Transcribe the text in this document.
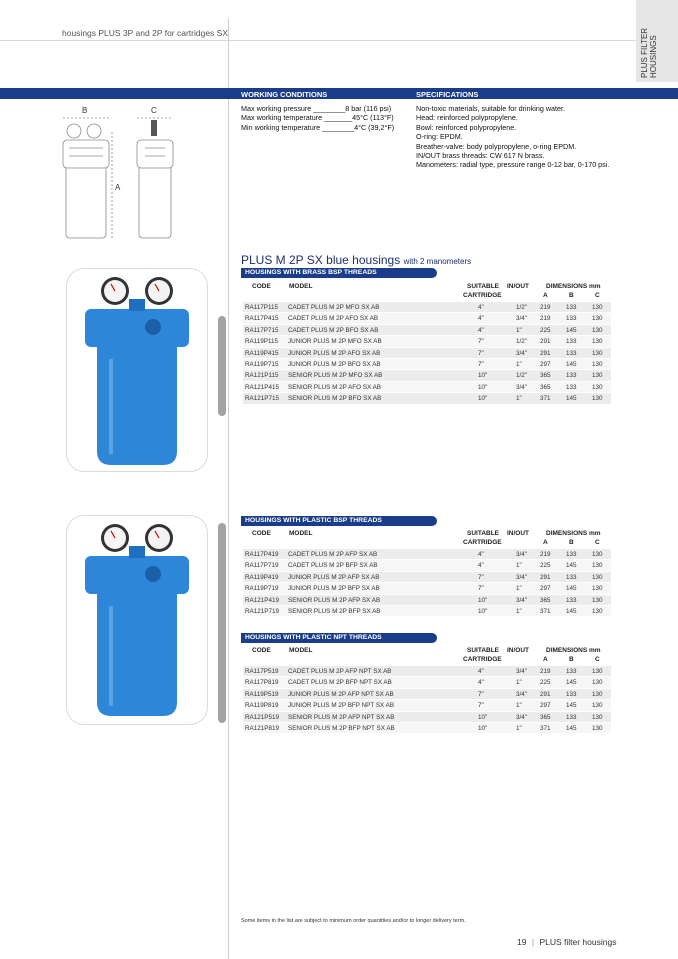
housings PLUS 3P and 2P for cartridges SX	PLUS FILTER HOUSINGS
WORKING CONDITIONS	SPECIFICATIONS
Max working pressure ________8 bar (116 psi)
Max working temperature _______45°C (113°F)
Min working temperature ________4°C (39,2°F)
Non-toxic materials, suitable for drinking water.
Head: reinforced polypropylene.
Bowl: reinforced polypropylene.
O-ring: EPDM.
Breather-valve: body polypropylene, o-ring EPDM.
IN/OUT brass threads: CW 617 N brass.
Manometers: radial type, pressure range 0-12 bar, 0-170 psi.
B	C
A
PLUS M 2P SX blue housings with 2 manometers
HOUSINGS WITH BRASS BSP THREADS
CODE	MODEL	SUITABLE
CARTRIDGE
IN/OUT	DIMENSIONS mm
A	B	C
RA117P115 CADET PLUS M 2P MFO SX AB	4"	1/2" 219 133 130
RA117P415 CADET PLUS M 2P AFO SX AB	4"	3/4" 219 133 130
RA117P715 CADET PLUS M 2P BFO SX AB	4"	1"	225 145 130
RA119P115 JUNIOR PLUS M 2P MFO SX AB	7"	1/2" 291 133 130
RA119P415 JUNIOR PLUS M 2P AFO SX AB	7"	3/4" 291 133 130
RA119P715 JUNIOR PLUS M 2P BFO SX AB	7"	1"	297 145 130
RA121P115 SENIOR PLUS M 2P MFO SX AB	10"	1/2" 365 133 130
RA121P415 SENIOR PLUS M 2P AFO SX AB	10"	3/4" 365 133 130
RA121P715 SENIOR PLUS M 2P BFO SX AB	10"	1"	371 145 130
HOUSINGS WITH PLASTIC BSP THREADS
CODE	MODEL	SUITABLE
CARTRIDGE
IN/OUT	DIMENSIONS mm
A	B	C
RA117P419 CADET PLUS M 2P AFP SX AB	4"	3/4" 219 133 130
RA117P719 CADET PLUS M 2P BFP SX AB	4"	1"	225 145 130
RA119P419 JUNIOR PLUS M 2P AFP SX AB	7"	3/4" 291 133 130
RA119P719 JUNIOR PLUS M 2P BFP SX AB	7"	1"	297 145 130
RA121P419 SENIOR PLUS M 2P AFP SX AB	10"	3/4" 365 133 130
RA121P719 SENIOR PLUS M 2P BFP SX AB	10"	1"	371 145 130
HOUSINGS WITH PLASTIC NPT THREADS
CODE	MODEL	SUITABLE
CARTRIDGE
IN/OUT	DIMENSIONS mm
A	B	C
RA117P519 CADET PLUS M 2P AFP NPT SX AB	4"	3/4" 219 133 130
RA117P819 CADET PLUS M 2P BFP NPT SX AB	4"	1"	225 145 130
RA119P519 JUNIOR PLUS M 2P AFP NPT SX AB	7"	3/4" 291 133 130
RA119P819 JUNIOR PLUS M 2P BFP NPT SX AB	7"	1"	297 145 130
RA121P519 SENIOR PLUS M 2P AFP NPT SX AB	10"	3/4" 365 133 130
RA121P819 SENIOR PLUS M 2P BFP NPT SX AB	10"	1"	371 145 130
Some items in the list are subject to minimum order quantities and/or to longer delivery term.
19 | PLUS filter housings
